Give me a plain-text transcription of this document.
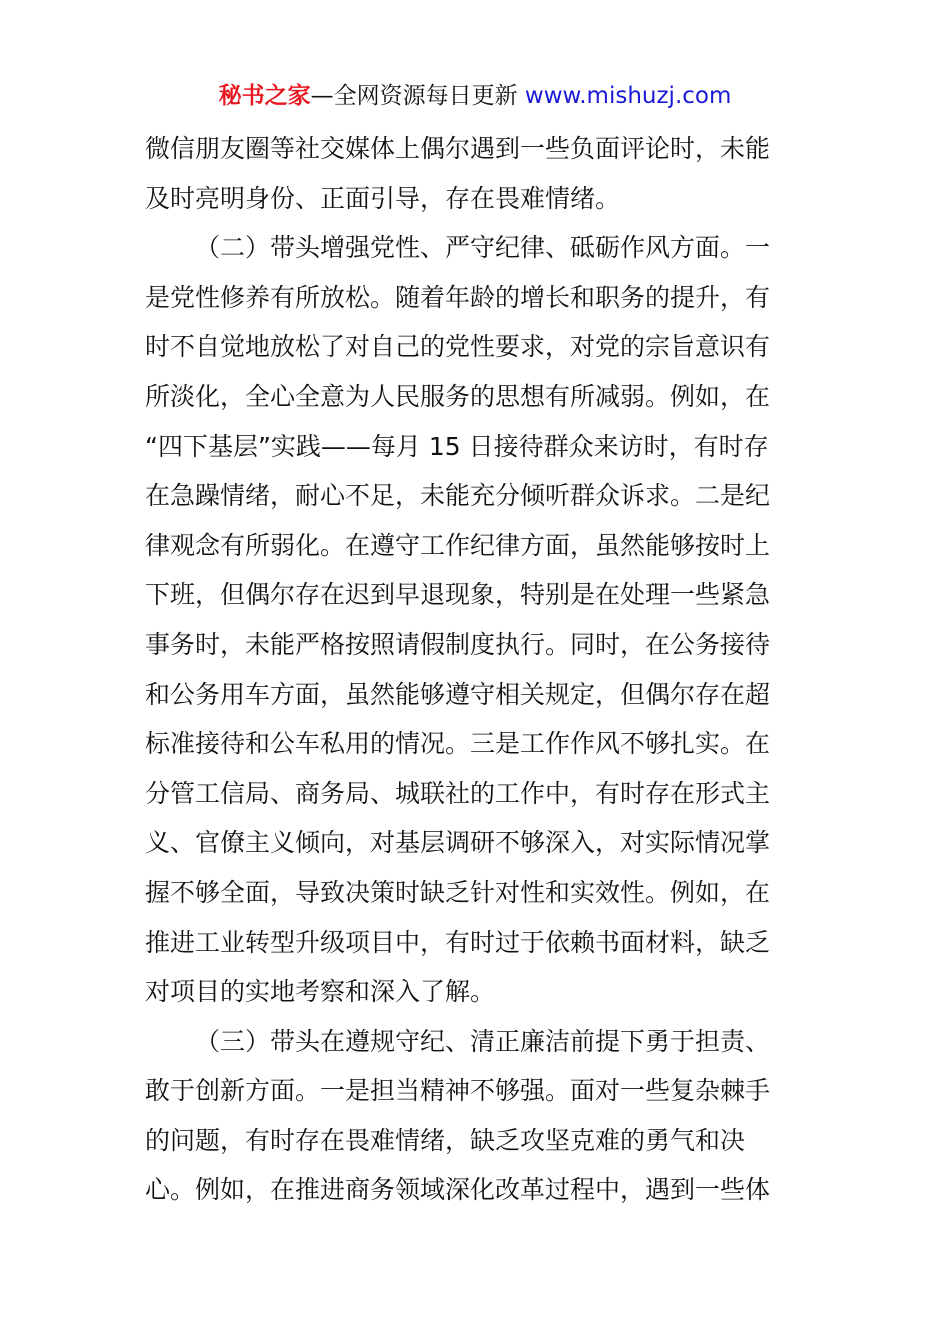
秘书之家—全网资源每日更新 www.mishuzj.com
微信朋友圈等社交媒体上偶尔遇到一些负面评论时，未能
及时亮明身份、正面引导，存在畏难情绪。
（二）带头增强党性、严守纪律、砥砺作风方面。一
是党性修养有所放松。随着年龄的增长和职务的提升，有
时不自觉地放松了对自己的党性要求，对党的宗旨意识有
所淡化，全心全意为人民服务的思想有所减弱。例如，在
“四下基层”实践——每月 15 日接待群众来访时，有时存
在急躁情绪，耐心不足，未能充分倾听群众诉求。二是纪
律观念有所弱化。在遵守工作纪律方面，虽然能够按时上
下班，但偶尔存在迟到早退现象，特别是在处理一些紧急
事务时，未能严格按照请假制度执行。同时，在公务接待
和公务用车方面，虽然能够遵守相关规定，但偶尔存在超
标准接待和公车私用的情况。三是工作作风不够扎实。在
分管工信局、商务局、城联社的工作中，有时存在形式主
义、官僚主义倾向，对基层调研不够深入，对实际情况掌
握不够全面，导致决策时缺乏针对性和实效性。例如，在
推进工业转型升级项目中，有时过于依赖书面材料，缺乏
对项目的实地考察和深入了解。
（三）带头在遵规守纪、清正廉洁前提下勇于担责、
敢于创新方面。一是担当精神不够强。面对一些复杂棘手
的问题，有时存在畏难情绪，缺乏攻坚克难的勇气和决
心。例如，在推进商务领域深化改革过程中，遇到一些体
